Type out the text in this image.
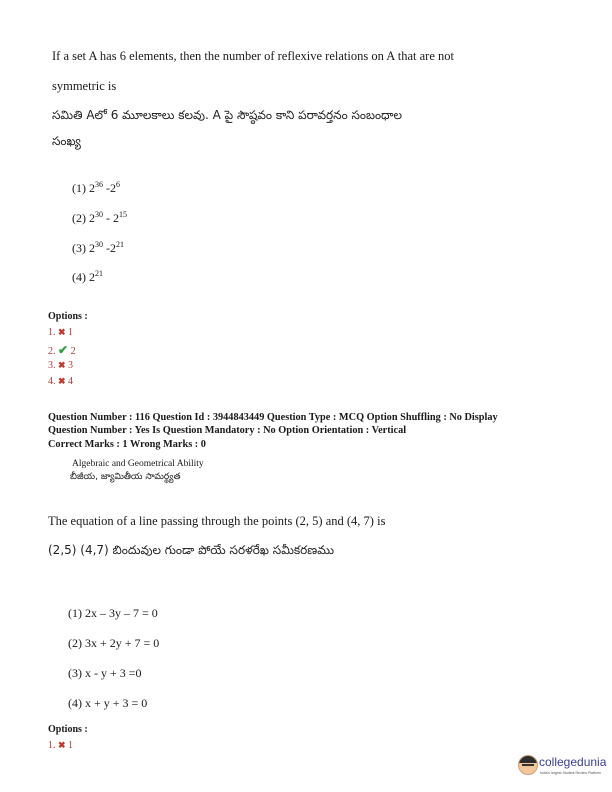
If a set A has 6 elements, then the number of reflexive relations on A that are not
symmetric is
సమితి Aలో 6 మూలకాలు కలవు. A పై సౌష్ఠవం కాని పరావర్తనం సంబంధాల
సంఖ్య
(1) $2^{36}$ $-2^6$
(2) $2^{30} - 2^{15}$
(3) $2^{30}$ $-2^{21}$
(4) $2^{21}$
Options :
1. ✖ 1
2. ✔ 2
3. ✖ 3
4. ✖ 4
Question Number : 116 Question Id : 3944843449 Question Type : MCQ Option Shuffling : No Display
Question Number : Yes Is Question Mandatory : No Option Orientation : Vertical
Correct Marks : 1 Wrong Marks : 0
Algebraic and Geometrical Ability
బీజీయ, జ్యామితీయ సామర్థ్యత
The equation of a line passing through the points (2, 5) and (4, 7) is
(2,5) (4,7) బిందువుల గుండా పోయే సరళరేఖ సమీకరణము
(1) 2x – 3y – 7 = 0
(2) 3x + 2y + 7 = 0
(3) x - y + 3 =0
(4) x + y + 3 = 0
Options :
1. ✖ 1
collegedunia
India's largest Student Review Platform
